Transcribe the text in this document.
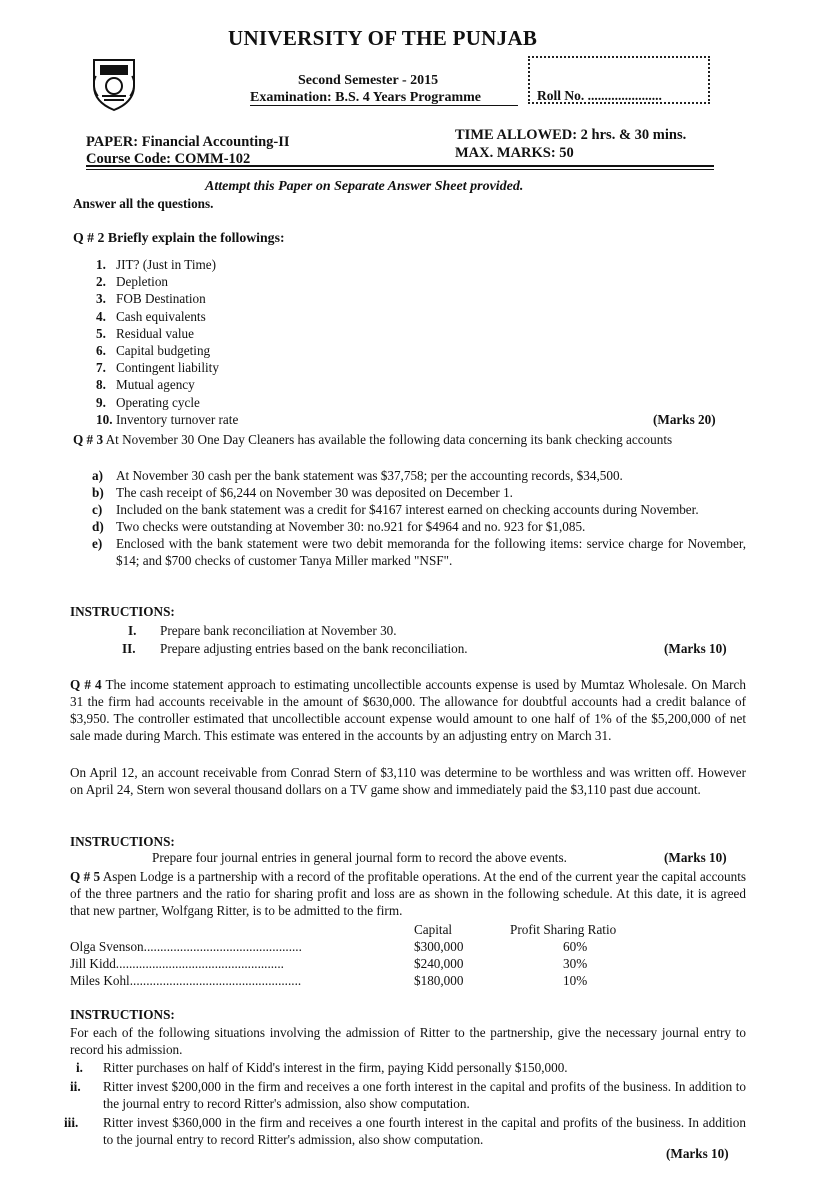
UNIVERSITY OF THE PUNJAB
Second Semester - 2015
Examination: B.S. 4 Years Programme	Roll No. ......................
PAPER: Financial Accounting-II
Course Code: COMM-102
TIME ALLOWED: 2 hrs. & 30 mins.
MAX. MARKS: 50
Attempt this Paper on Separate Answer Sheet provided.
Answer all the questions.
Q # 2 Briefly explain the followings:
1. JIT? (Just in Time)
2. Depletion
3. FOB Destination
4. Cash equivalents
5. Residual value
6. Capital budgeting
7. Contingent liability
8. Mutual agency
9. Operating cycle
10. Inventory turnover rate	(Marks 20)
Q # 3 At November 30 One Day Cleaners has available the following data concerning its bank checking accounts
a) At November 30 cash per the bank statement was $37,758; per the accounting records, $34,500.
b) The cash receipt of $6,244 on November 30 was deposited on December 1.
c) Included on the bank statement was a credit for $4167 interest earned on checking accounts during November.
d) Two checks were outstanding at November 30: no.921 for $4964 and no. 923 for $1,085.
e) Enclosed with the bank statement were two debit memoranda for the following items: service charge for November, $14; and $700 checks of customer Tanya Miller marked "NSF".
INSTRUCTIONS:
I. Prepare bank reconciliation at November 30.
II. Prepare adjusting entries based on the bank reconciliation.	(Marks 10)
Q # 4 The income statement approach to estimating uncollectible accounts expense is used by Mumtaz Wholesale. On March 31 the firm had accounts receivable in the amount of $630,000. The allowance for doubtful accounts had a credit balance of $3,950. The controller estimated that uncollectible account expense would amount to one half of 1% of the $5,200,000 of net sale made during March. This estimate was entered in the accounts by an adjusting entry on March 31.
On April 12, an account receivable from Conrad Stern of $3,110 was determine to be worthless and was written off. However on April 24, Stern won several thousand dollars on a TV game show and immediately paid the $3,110 past due account.
INSTRUCTIONS:
Prepare four journal entries in general journal form to record the above events.	(Marks 10)
Q # 5 Aspen Lodge is a partnership with a record of the profitable operations. At the end of the current year the capital accounts of the three partners and the ratio for sharing profit and loss are as shown in the following schedule. At this date, it is agreed that new partner, Wolfgang Ritter, is to be admitted to the firm.
Capital	Profit Sharing Ratio
Olga Svenson................................................	$300,000	60%
Jill Kidd...................................................	$240,000	30%
Miles Kohl....................................................	$180,000	10%
INSTRUCTIONS:
For each of the following situations involving the admission of Ritter to the partnership, give the necessary journal entry to record his admission.
i. Ritter purchases on half of Kidd's interest in the firm, paying Kidd personally $150,000.
ii. Ritter invest $200,000 in the firm and receives a one forth interest in the capital and profits of the business. In addition to the journal entry to record Ritter's admission, also show computation.
iii. Ritter invest $360,000 in the firm and receives a one fourth interest in the capital and profits of the business. In addition to the journal entry to record Ritter's admission, also show computation.
(Marks 10)
